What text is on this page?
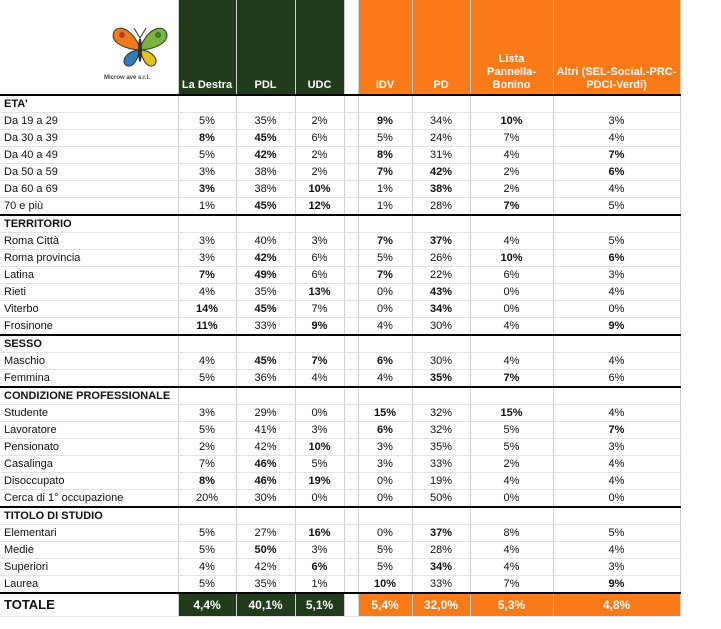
Microw ave s.r.l.	La Destra	PDL	UDC		IDV	PD	Lista Pannella-
Bonino	Altri (SEL-Social.-PRC-
PDCI-Verdi)
ETA'								
Da 19 a 29	5%	35%	2%		9%	34%	10%	3%
Da 30 a 39	8%	45%	6%		5%	24%	7%	4%
Da 40 a 49	5%	42%	2%		8%	31%	4%	7%
Da 50 a 59	3%	38%	2%		7%	42%	2%	6%
Da 60 a 69	3%	38%	10%		1%	38%	2%	4%
70 e più	1%	45%	12%		1%	28%	7%	5%
TERRITORIO								
Roma Città	3%	40%	3%		7%	37%	4%	5%
Roma provincia	3%	42%	6%		5%	26%	10%	6%
Latina	7%	49%	6%		7%	22%	6%	3%
Rieti	4%	35%	13%		0%	43%	0%	4%
Viterbo	14%	45%	7%		0%	34%	0%	0%
Frosinone	11%	33%	9%		4%	30%	4%	9%
SESSO								
Maschio	4%	45%	7%		6%	30%	4%	4%
Femmina	5%	36%	4%		4%	35%	7%	6%
CONDIZIONE PROFESSIONALE								
Studente	3%	29%	0%		15%	32%	15%	4%
Lavoratore	5%	41%	3%		6%	32%	5%	7%
Pensionato	2%	42%	10%		3%	35%	5%	3%
Casalinga	7%	46%	5%		3%	33%	2%	4%
Disoccupato	8%	46%	19%		0%	19%	4%	4%
Cerca di 1° occupazione	20%	30%	0%		0%	50%	0%	0%
TITOLO DI STUDIO								
Elementari	5%	27%	16%		0%	37%	8%	5%
Medie	5%	50%	3%		5%	28%	4%	4%
Superiori	4%	42%	6%		5%	34%	4%	3%
Laurea	5%	35%	1%		10%	33%	7%	9%
TOTALE	4,4%	40,1%	5,1%		5,4%	32,0%	5,3%	4,8%
